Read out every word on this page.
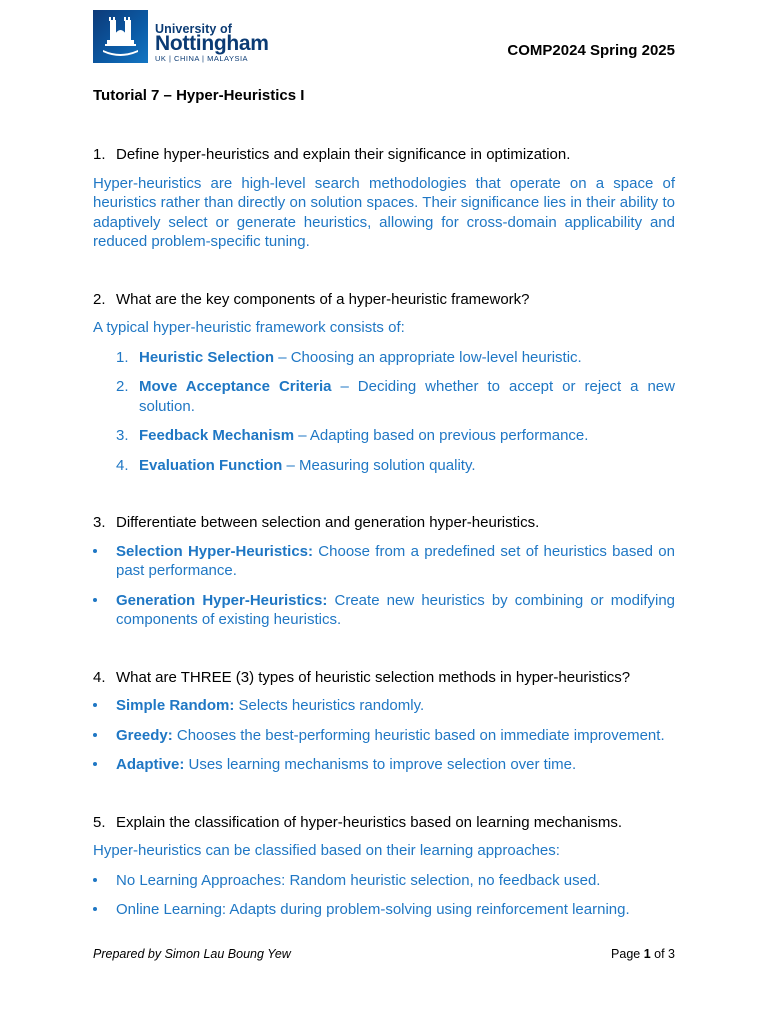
University of
Nottingham
UK | CHINA | MALAYSIA	COMP2024 Spring 2025
Tutorial 7 – Hyper-Heuristics I

1. Define hyper-heuristics and explain their significance in optimization.

Hyper-heuristics are high-level search methodologies that operate on a space of heuristics rather than directly on solution spaces. Their significance lies in their ability to adaptively select or generate heuristics, allowing for cross-domain applicability and reduced problem-specific tuning.

2. What are the key components of a hyper-heuristic framework?

A typical hyper-heuristic framework consists of:

1. Heuristic Selection – Choosing an appropriate low-level heuristic.
2. Move Acceptance Criteria – Deciding whether to accept or reject a new solution.
3. Feedback Mechanism – Adapting based on previous performance.
4. Evaluation Function – Measuring solution quality.

3. Differentiate between selection and generation hyper-heuristics.

Selection Hyper-Heuristics: Choose from a predefined set of heuristics based on past performance.
Generation Hyper-Heuristics: Create new heuristics by combining or modifying components of existing heuristics.

4. What are THREE (3) types of heuristic selection methods in hyper-heuristics?

Simple Random: Selects heuristics randomly.
Greedy: Chooses the best-performing heuristic based on immediate improvement.
Adaptive: Uses learning mechanisms to improve selection over time.

5. Explain the classification of hyper-heuristics based on learning mechanisms.

Hyper-heuristics can be classified based on their learning approaches:

No Learning Approaches: Random heuristic selection, no feedback used.
Online Learning: Adapts during problem-solving using reinforcement learning.
Prepared by Simon Lau Boung Yew	Page 1 of 3
